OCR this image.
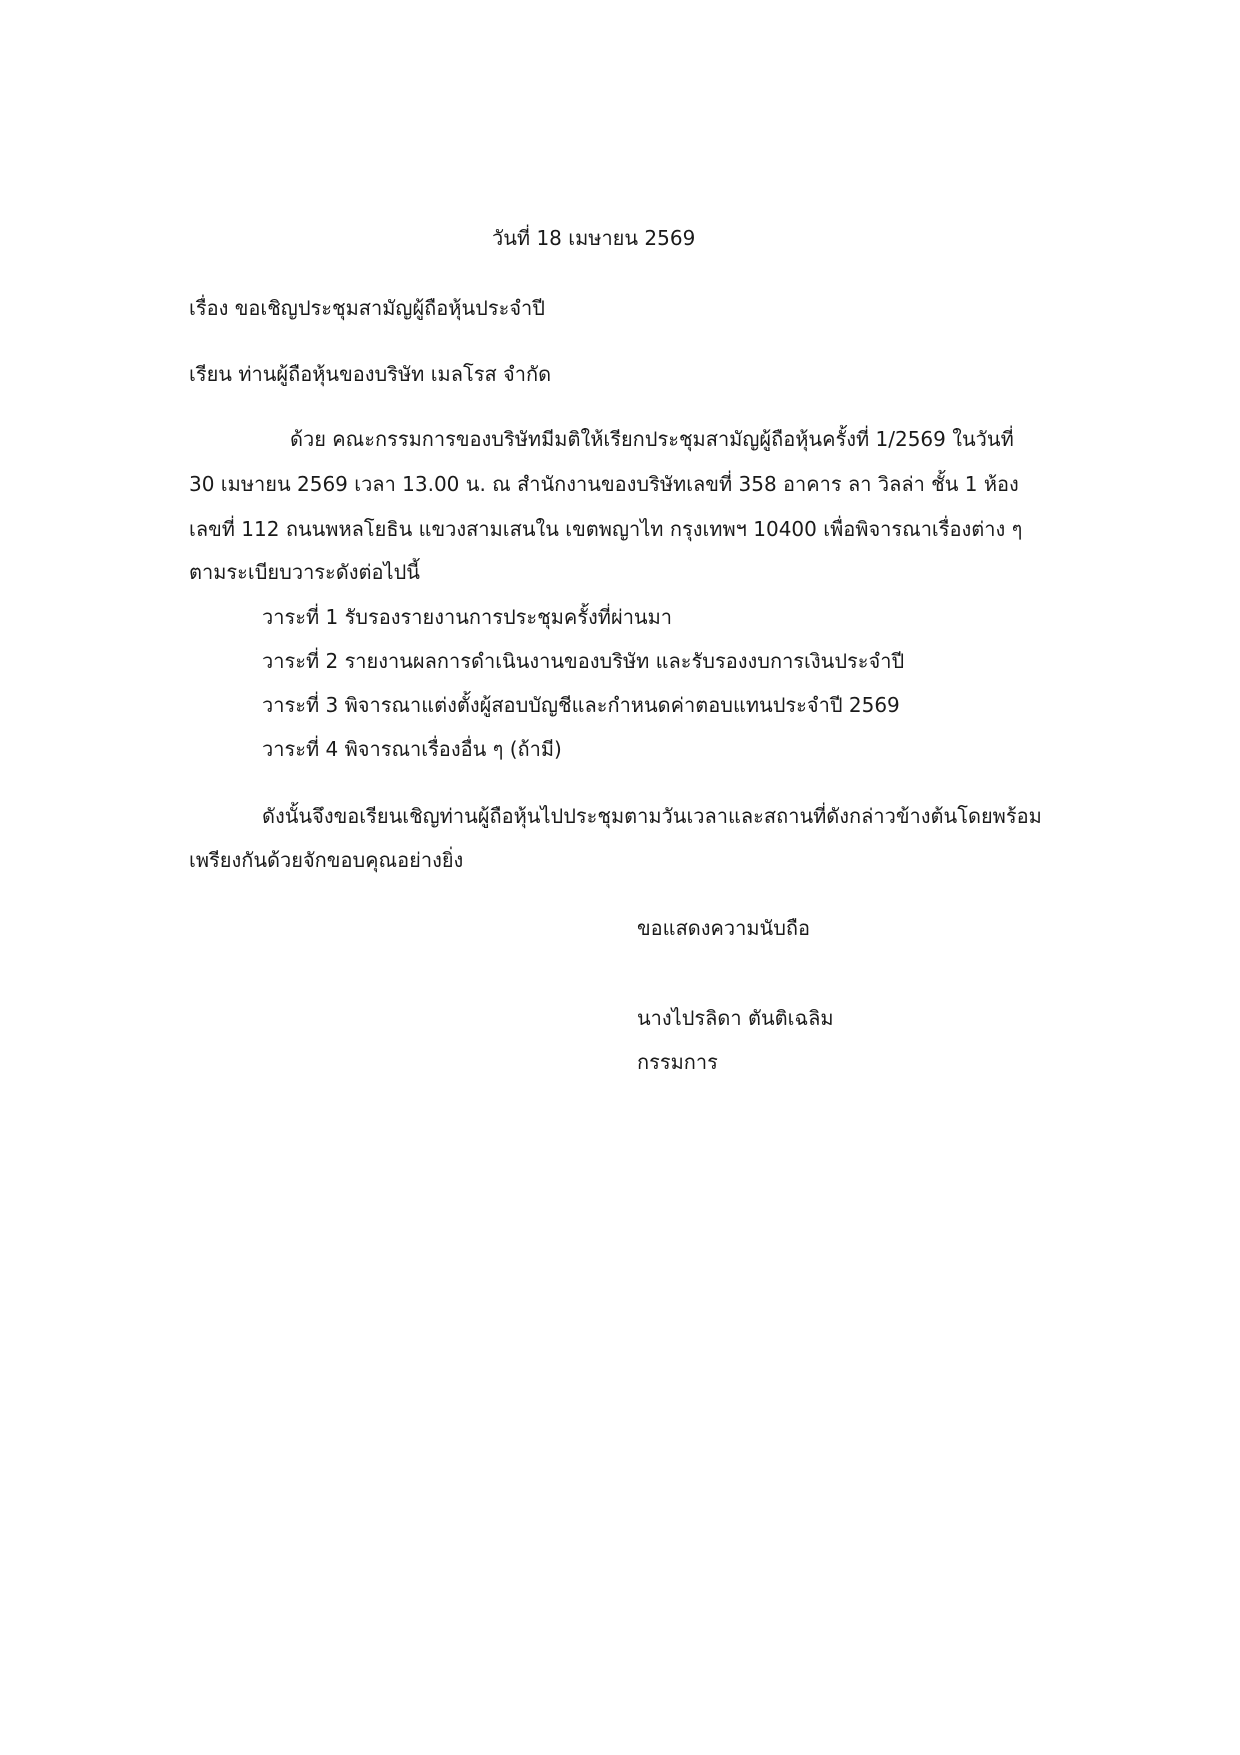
วันที่ 18 เมษายน 2569
เรื่อง ขอเชิญประชุมสามัญผู้ถือหุ้นประจำปี
เรียน ท่านผู้ถือหุ้นของบริษัท เมลโรส จำกัด
ด้วย คณะกรรมการของบริษัทมีมติให้เรียกประชุมสามัญผู้ถือหุ้นครั้งที่ 1/2569 ในวันที่
30 เมษายน 2569 เวลา 13.00 น. ณ สำนักงานของบริษัทเลขที่ 358 อาคาร ลา วิลล่า ชั้น 1 ห้อง
เลขที่ 112 ถนนพหลโยธิน แขวงสามเสนใน เขตพญาไท กรุงเทพฯ 10400 เพื่อพิจารณาเรื่องต่าง ๆ
ตามระเบียบวาระดังต่อไปนี้
วาระที่ 1 รับรองรายงานการประชุมครั้งที่ผ่านมา
วาระที่ 2 รายงานผลการดำเนินงานของบริษัท และรับรองงบการเงินประจำปี
วาระที่ 3 พิจารณาแต่งตั้งผู้สอบบัญชีและกำหนดค่าตอบแทนประจำปี 2569
วาระที่ 4 พิจารณาเรื่องอื่น ๆ (ถ้ามี)
ดังนั้นจึงขอเรียนเชิญท่านผู้ถือหุ้นไปประชุมตามวันเวลาและสถานที่ดังกล่าวข้างต้นโดยพร้อม
เพรียงกันด้วยจักขอบคุณอย่างยิ่ง
ขอแสดงความนับถือ
นางไปรลิดา ตันติเฉลิม
กรรมการ
